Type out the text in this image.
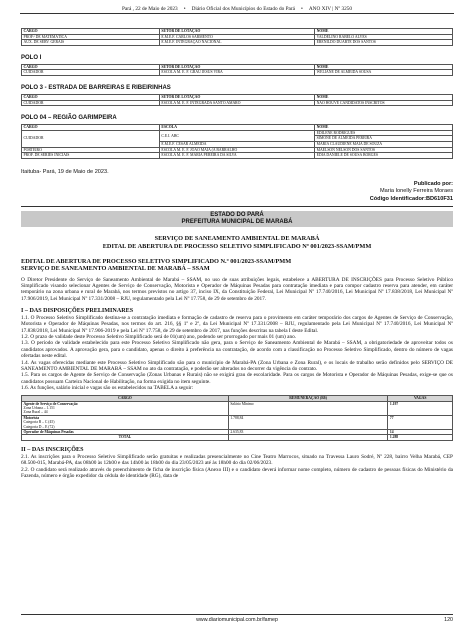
Pará , 22 de Maio de 2023	•	Diário Oficial dos Municípios do Estado do Pará	•	ANO XIV | Nº 3250
CARGO	SETOR DE LOTAÇÃO	NOME
PROF.ª DE MATEMÁTICA	E.M.E.F. CARLOS SARMENTO	VALDELINO RABELO ALVES
AUX. DE SERV. GERAIS	E.M.E.F. INTEGRAÇÃO NACIONAL	ERENILDO DUARTE DOS SANTOS
POLO I
CARGO	SETOR DE LOTAÇÃO	NOME
CUIDADOR	ESCOLA M. E. F. GRAU JESUS VIRA	WELIANE DE ALMEIDA SOUSA
POLO 3 - ESTRADA DE BARREIRAS E RIBEIRINHAS
CARGO	SETOR DE LOTAÇÃO	NOME
CUIDADOR	ESCOLA M. E. F. INTEGRADA SANTO AMARO	NÃO HOUVE CANDIDATOS INSCRITOS
POLO 04 – REGIÃO GARIMPEIRA
CARGO	ESCOLA	NOME
CUIDADOR	C.E.I. ABC	EDILENE RODRIGUES
		SIMONE DE ALMEIDA PEREIRA
	E.M.E.F. CÉSAR ALMEIDA	MARIA CLAUDIENE MAIA DE SOUZA
PORTEIRO	ESCOLA M. E. F. JOÃO MAIA (A BARRALHO	MAELSON NÉLSON DOS SANTOS
PROF. DE SÉRIES INICIAIS	ESCOLA M. E. F. MARIA PEREIRA DA SILVA	EDIA DANIELE DE SOUSA BORGES
Itaituba- Pará, 19 de Maio de 2023.
Publicado por:
Maria Ionelly Ferreira Moraes
Código Identificador:BD610F31
ESTADO DO PARÁ
PREFEITURA MUNICIPAL DE MARABÁ
SERVIÇO DE SANEAMENTO AMBIENTAL DE MARABÁ
EDITAL DE ABERTURA DE PROCESSO SELETIVO SIMPLIFICADO Nº 001/2023-SSAM/PMM
EDITAL DE ABERTURA DE PROCESSO SELETIVO SIMPLIFICADO N.º 001/2023-SSAM/PMM
SERVIÇO DE SANEAMENTO AMBIENTAL DE MARABÁ – SSAM

O Diretor Presidente do Serviço de Saneamento Ambiental de Marabá – SSAM, no uso de suas atribuições legais, estabelece a ABERTURA DE INSCRIÇÕES para Processo Seletivo Público Simplificado visando selecionar Agentes de Serviço de Conservação, Motorista e Operador de Máquinas Pesadas para contratação imediata e para compor cadastro reserva para atender, em caráter temporário na zona urbana e rural de Marabá, nos termos previstos no artigo 37, inciso IX, da Constituição Federal, Lei Municipal Nº 17.740/2016, Lei Municipal Nº 17.838/2018, Lei Municipal Nº 17.906/2019, Lei Municipal Nº 17.331/2008 – RJU, regulamentado pela Lei Nº 17.758, de 29 de setembro de 2017.

I – DAS DISPOSIÇÕES PRELIMINARES

1.1. O Processo Seletivo Simplificado destina-se a contratação imediata e formação de cadastro de reserva para o provimento em caráter temporário dos cargos de Agentes de Serviço de Conservação, Motorista e Operador de Máquinas Pesadas, nos termos do art. 216, §§ 1º e 2º, da Lei Municipal Nº 17.331/2008 – RJU, regulamentado pela Lei Municipal Nº 17.740/2016, Lei Municipal Nº 17.838/2018, Lei Municipal Nº 17.906-2019 e pela Lei Nº 17.758, de 29 de setembro de 2017, nas funções descritas na tabela I deste Edital.

1.2. O prazo de validade deste Processo Seletivo Simplificado será de 01(um) ano, podendo ser prorrogado por mais 01 (um) ano.

1.3. O período de validade estabelecido para este Processo Seletivo Simplificado não gera, para o Serviço de Saneamento Ambiental de Marabá – SSAM, a obrigatoriedade de aproveitar todos os candidatos aprovados. A aprovação gera, para o candidato, apenas o direito à preferência na contratação, de acordo com a classificação no Processo Seletivo Simplificado, dentro do número de vagas ofertadas neste edital.

1.4. As vagas oferecidas mediante este Processo Seletivo Simplificado são para o município de Marabá-PA (Zona Urbana e Zona Rural), e os locais de trabalho serão definidos pelo SERVIÇO DE SANEAMENTO AMBIENTAL DE MARABÁ – SSAM no ato da contratação, e poderão ser alterados no decorrer da vigência do contrato.

1.5. Para os cargos de Agente de Serviço de Conservação (Zonas Urbanas e Rurais) não se exigirá grau de escolaridade. Para os cargos de Motorista e Operador de Máquinas Pesadas, exige-se que os candidatos possuam Carteira Nacional de Habilitação, na forma exigida no item seguinte.

1.6. As funções, salário inicial e vagas são os estabelecidos na TABELA a seguir:

CARGO	REMUNERAÇÃO (R$)	VAGAS

Agente de Serviço de Conservação
Zona Urbana – 1.151
Zona Rural – 44	Salário Mínimo	1.197

Motorista
Categoria B – C (45)
Categoria D – E (72)	1.788,84	77
Operador de Máquinas Pesadas	2.635,83	14
TOTAL		1.288
II – DAS INSCRIÇÕES

2.1. As inscrições para o Processo Seletivo Simplificado serão gratuitas e realizadas presencialmente no Cine Teatro Marrocos, situado na Travessa Lauro Sodré, Nº 228, bairro Velha Marabá, CEP 68.500-015, Marabá-PA, das 08h00 às 12h00 e das 14h00 às 18h00 do dia 23/05/2023 até às 18h00 do dia 02/06/2023.

2.2. O candidato será realizado através do preenchimento de ficha de inscrição física (Anexo III) e o candidato deverá informar nome completo, número de cadastro de pessoas físicas do Ministério da Fazenda, número e órgão expedidor da cédula de identidade (RG), data de

www.diariomunicipal.com.br/famep	120
